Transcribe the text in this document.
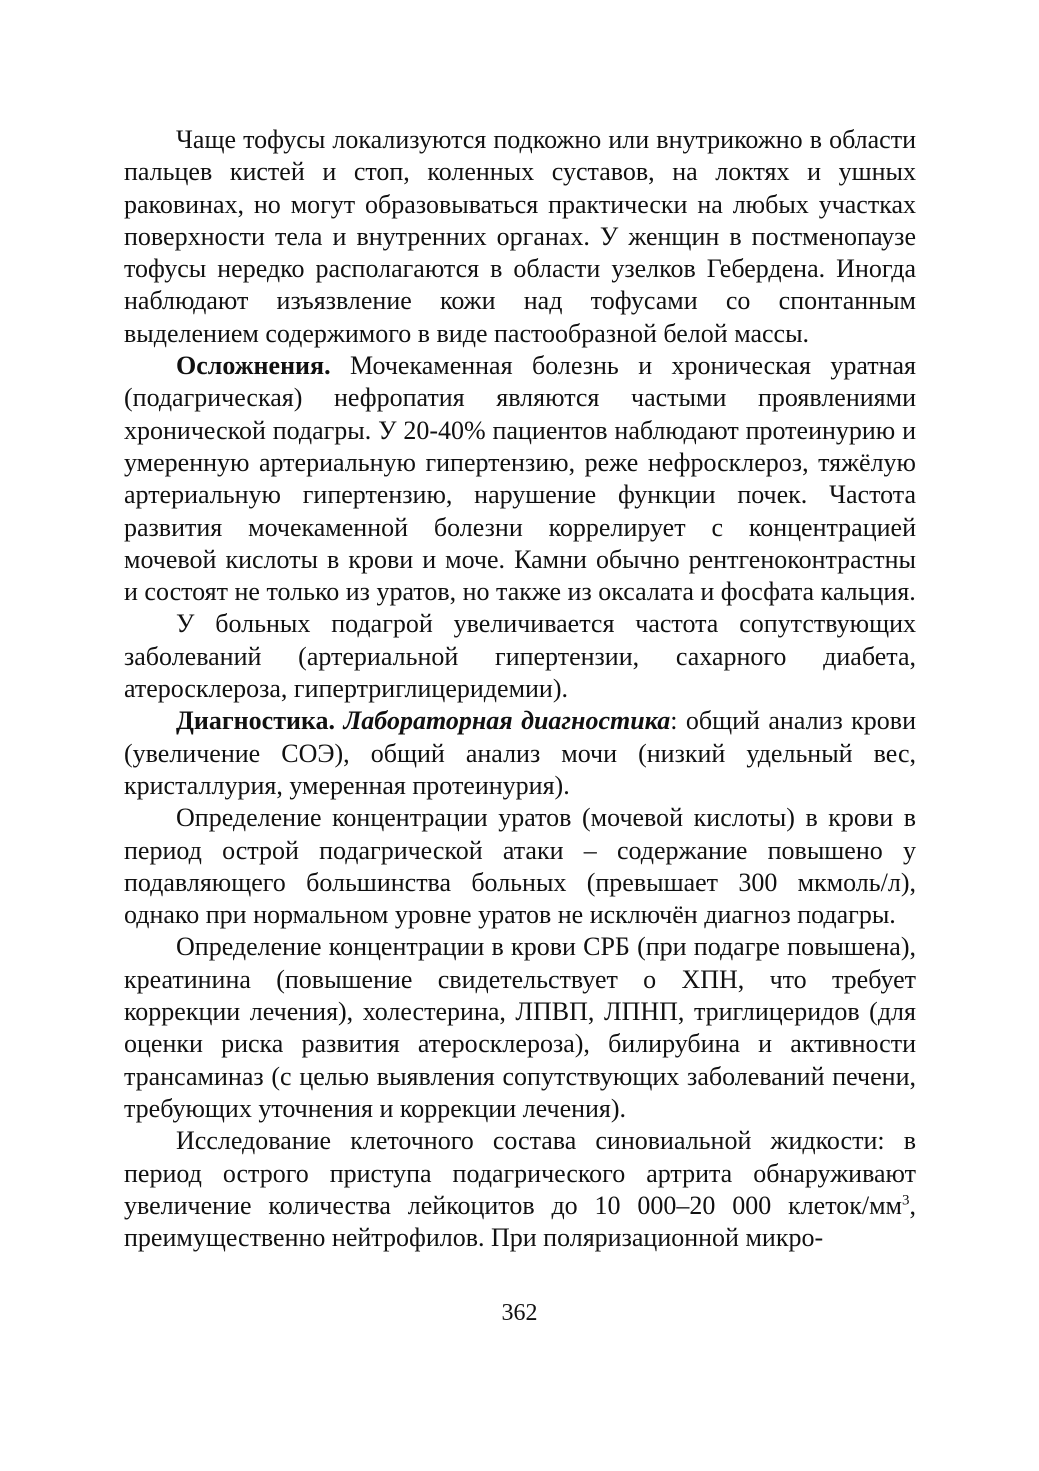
Чаще тофусы локализуются подкожно или внутрикожно в области пальцев кистей и стоп, коленных суставов, на локтях и ушных раковинах, но могут образовываться практически на любых участках поверхности тела и внутренних органах. У женщин в постменопаузе тофусы нередко располагаются в области узелков Гебердена. Иногда наблюдают изъязвление кожи над тофусами со спонтанным выделением содержимого в виде пастообразной белой массы.

Осложнения. Мочекаменная болезнь и хроническая уратная (подагрическая) нефропатия являются частыми проявлениями хронической подагры. У 20-40% пациентов наблюдают протеинурию и умеренную артериальную гипертензию, реже нефросклероз, тяжёлую артериальную гипертензию, нарушение функции почек. Частота развития мочекаменной болезни коррелирует с концентрацией мочевой кислоты в крови и моче. Камни обычно рентгеноконтрастны и состоят не только из уратов, но также из оксалата и фосфата кальция.

У больных подагрой увеличивается частота сопутствующих заболеваний (артериальной гипертензии, сахарного диабета, атеросклероза, гипертриглицеридемии).

Диагностика. Лабораторная диагностика: общий анализ крови (увеличение СОЭ), общий анализ мочи (низкий удельный вес, кристаллурия, умеренная протеинурия).

Определение концентрации уратов (мочевой кислоты) в крови в период острой подагрической атаки – содержание повышено у подавляющего большинства больных (превышает 300 мкмоль/л), однако при нормальном уровне уратов не исключён диагноз подагры.

Определение концентрации в крови СРБ (при подагре повышена), креатинина (повышение свидетельствует о ХПН, что требует коррекции лечения), холестерина, ЛПВП, ЛПНП, триглицеридов (для оценки риска развития атеросклероза), билирубина и активности трансаминаз (с целью выявления сопутствующих заболеваний печени, требующих уточнения и коррекции лечения).

Исследование клеточного состава синовиальной жидкости: в период острого приступа подагрического артрита обнаруживают увеличение количества лейкоцитов до 10 000–20 000 клеток/$мм^3$, преимущественно нейтрофилов. При поляризационной микро-

362
